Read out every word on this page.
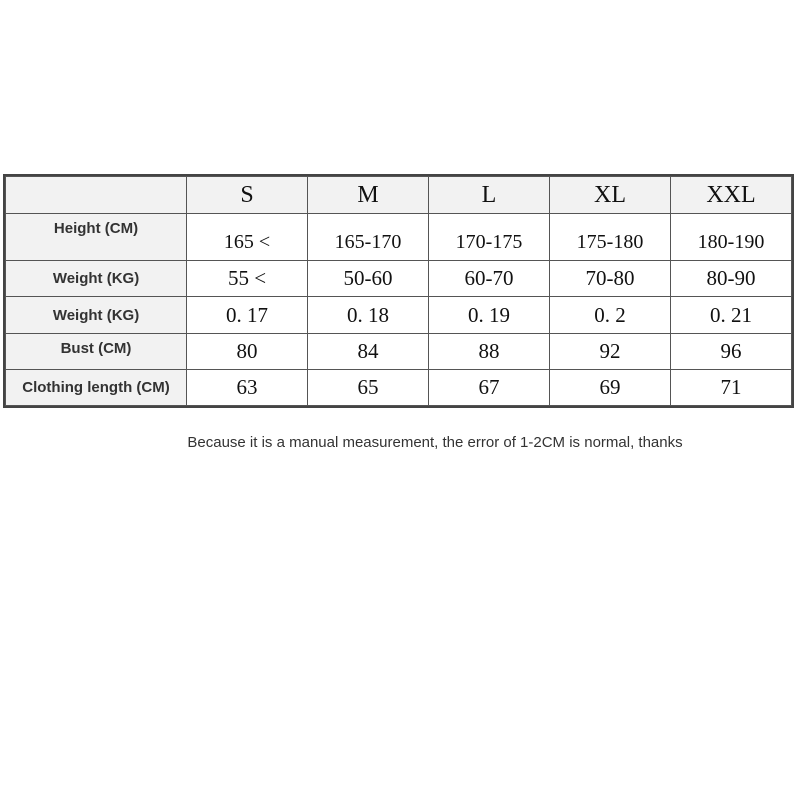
	S	M	L	XL	XXL
Height (CM)	165 <	165-170	170-175	175-180	180-190
Weight (KG)	55 <	50-60	60-70	70-80	80-90
Weight (KG)	0. 17	0. 18	0. 19	0. 2	0. 21
Bust (CM)	80	84	88	92	96
Clothing length (CM)	63	65	67	69	71
Because it is a manual measurement, the error of 1-2CM is normal, thanks
